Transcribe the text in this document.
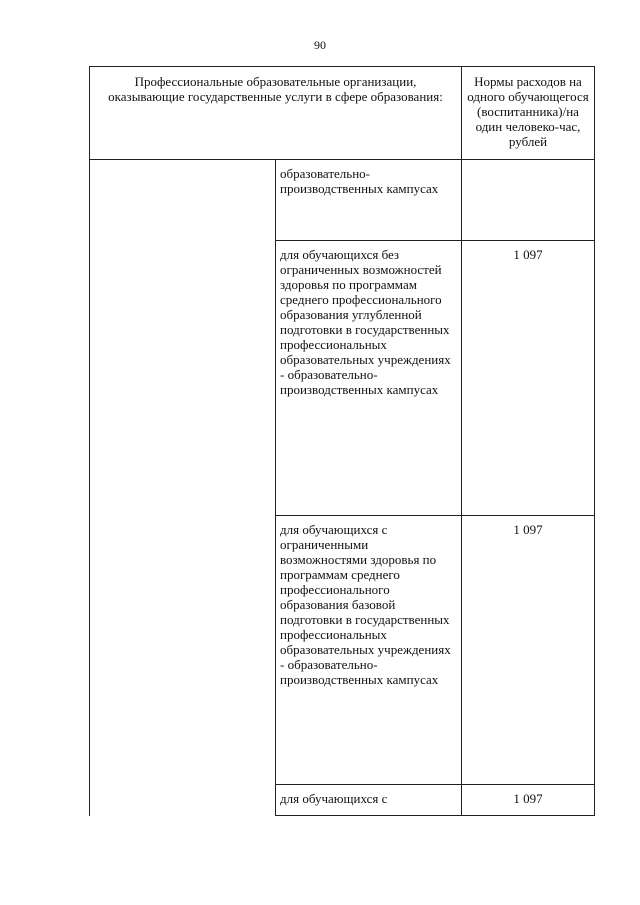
90
Профессиональные образовательные организации, оказывающие государственные услуги в сфере образования:		Нормы расходов на одного обучающегося (воспитанника)/на один человеко-час, рублей
	образовательно-производственных кампусах	
	для обучающихся без ограниченных возможностей здоровья по программам среднего профессионального образования углубленной подготовки в государственных профессиональных образовательных учреждениях - образовательно-производственных кампусах	1 097
	для обучающихся с ограниченными возможностями здоровья по программам среднего профессионального образования базовой подготовки в государственных профессиональных образовательных учреждениях - образовательно-производственных кампусах	1 097
	для обучающихся с	1 097
